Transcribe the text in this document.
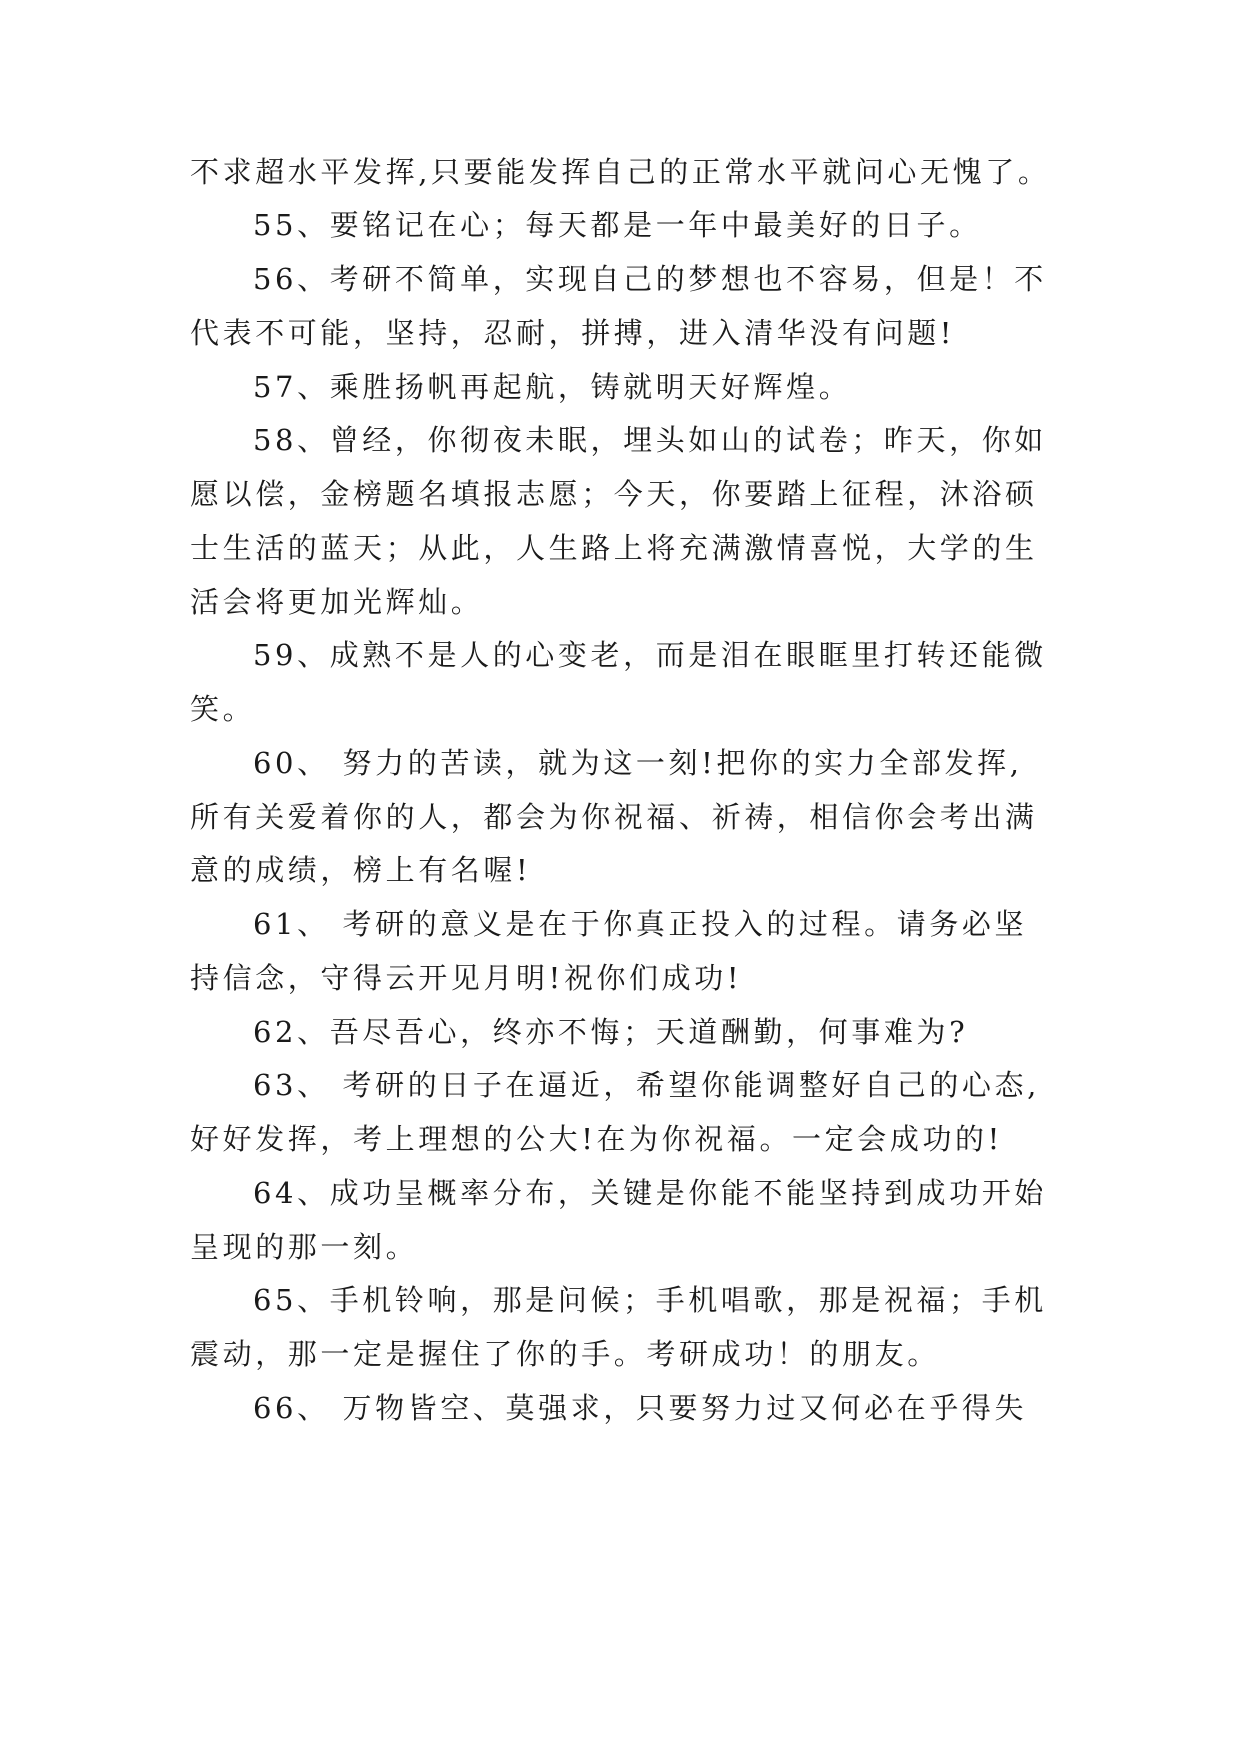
不求超水平发挥,只要能发挥自己的正常水平就问心无愧了。
55、要铭记在心；每天都是一年中最美好的日子。
56、考研不简单，实现自己的梦想也不容易，但是！不
代表不可能，坚持，忍耐，拼搏，进入清华没有问题!
57、乘胜扬帆再起航，铸就明天好辉煌。
58、曾经，你彻夜未眠，埋头如山的试卷；昨天，你如
愿以偿，金榜题名填报志愿；今天，你要踏上征程，沐浴硕
士生活的蓝天；从此，人生路上将充满激情喜悦，大学的生
活会将更加光辉灿。
59、成熟不是人的心变老，而是泪在眼眶里打转还能微
笑。
60、 努力的苦读，就为这一刻!把你的实力全部发挥,
所有关爱着你的人，都会为你祝福、祈祷，相信你会考出满
意的成绩，榜上有名喔!
61、 考研的意义是在于你真正投入的过程。请务必坚
持信念，守得云开见月明!祝你们成功!
62、吾尽吾心，终亦不悔；天道酬勤，何事难为?
63、 考研的日子在逼近，希望你能调整好自己的心态,
好好发挥，考上理想的公大!在为你祝福。一定会成功的!
64、成功呈概率分布，关键是你能不能坚持到成功开始
呈现的那一刻。
65、手机铃响，那是问候；手机唱歌，那是祝福；手机
震动，那一定是握住了你的手。考研成功！的朋友。
66、 万物皆空、莫强求，只要努力过又何必在乎得失
